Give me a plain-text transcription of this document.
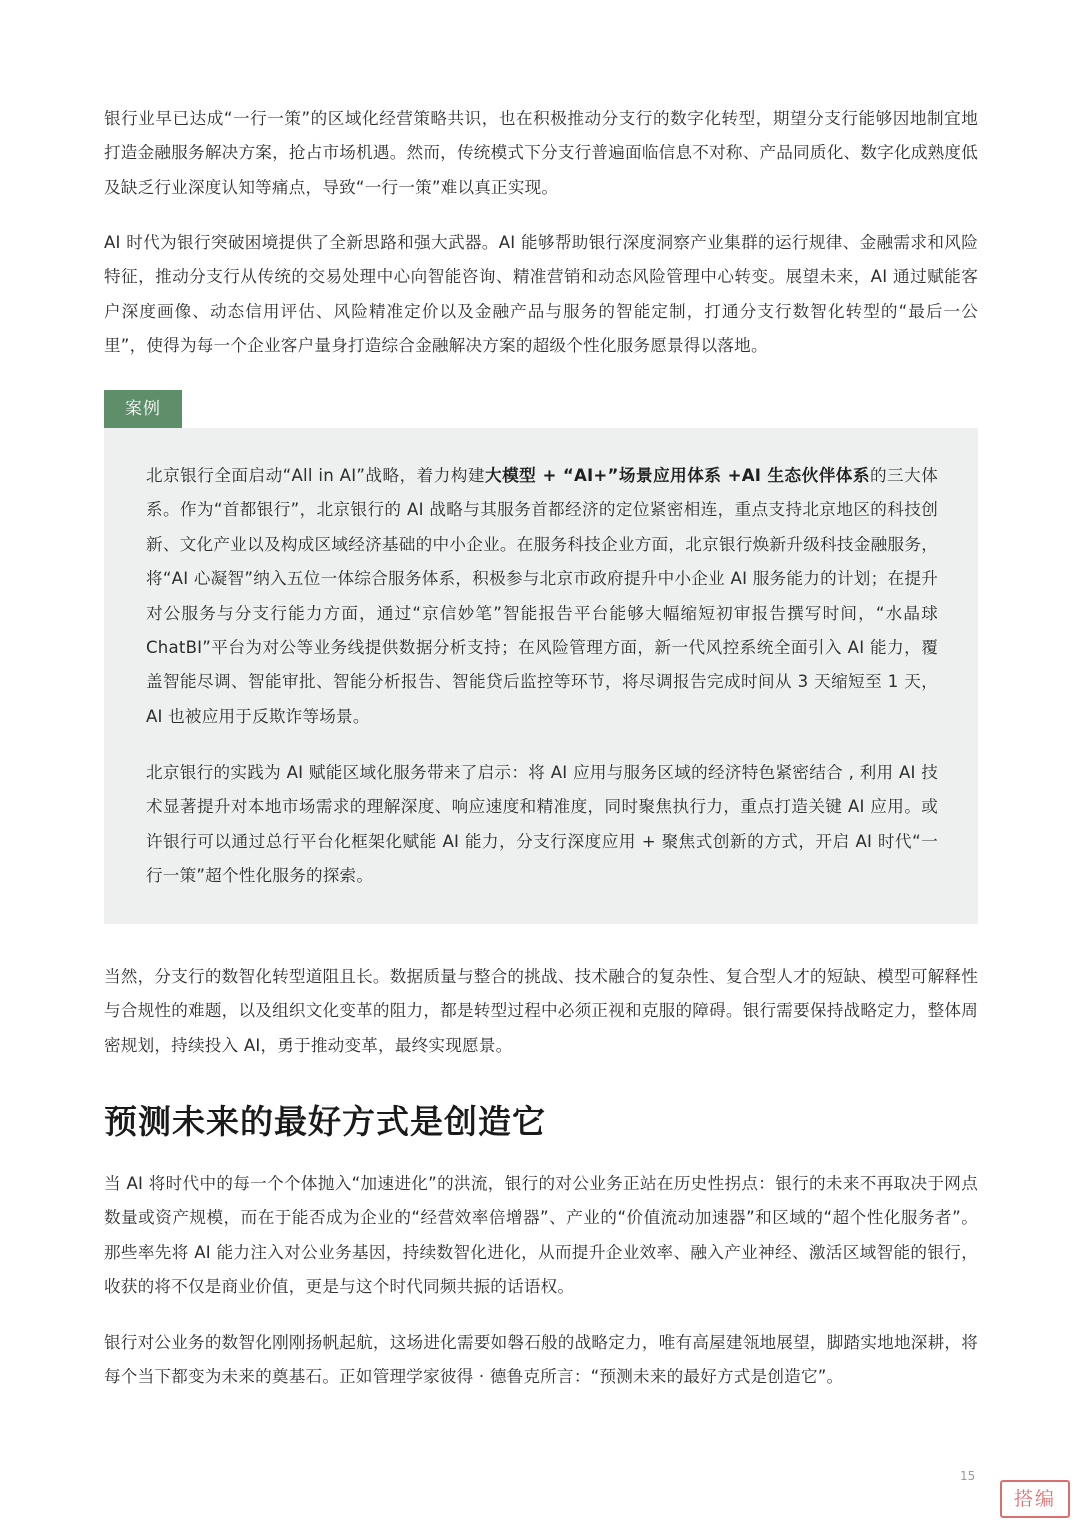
银行业早已达成“一行一策”的区域化经营策略共识，也在积极推动分支行的数字化转型，期望分支行能够因地制宜地打造金融服务解决方案，抢占市场机遇。然而，传统模式下分支行普遍面临信息不对称、产品同质化、数字化成熟度低及缺乏行业深度认知等痛点，导致“一行一策”难以真正实现。

AI 时代为银行突破困境提供了全新思路和强大武器。AI 能够帮助银行深度洞察产业集群的运行规律、金融需求和风险特征，推动分支行从传统的交易处理中心向智能咨询、精准营销和动态风险管理中心转变。展望未来，AI 通过赋能客户深度画像、动态信用评估、风险精准定价以及金融产品与服务的智能定制，打通分支行数智化转型的“最后一公里”，使得为每一个企业客户量身打造综合金融解决方案的超级个性化服务愿景得以落地。

案例

北京银行全面启动“All in AI”战略，着力构建大模型 + “AI+”场景应用体系 +AI 生态伙伴体系的三大体系。作为“首都银行”，北京银行的 AI 战略与其服务首都经济的定位紧密相连，重点支持北京地区的科技创新、文化产业以及构成区域经济基础的中小企业。在服务科技企业方面，北京银行焕新升级科技金融服务，将“AI 心凝智”纳入五位一体综合服务体系，积极参与北京市政府提升中小企业 AI 服务能力的计划；在提升对公服务与分支行能力方面，通过“京信妙笔”智能报告平台能够大幅缩短初审报告撰写时间，“水晶球 ChatBI”平台为对公等业务线提供数据分析支持；在风险管理方面，新一代风控系统全面引入 AI 能力，覆盖智能尽调、智能审批、智能分析报告、智能贷后监控等环节，将尽调报告完成时间从 3 天缩短至 1 天，AI 也被应用于反欺诈等场景。

北京银行的实践为 AI 赋能区域化服务带来了启示：将 AI 应用与服务区域的经济特色紧密结合 , 利用 AI 技术显著提升对本地市场需求的理解深度、响应速度和精准度，同时聚焦执行力，重点打造关键 AI 应用。或许银行可以通过总行平台化框架化赋能 AI 能力，分支行深度应用 + 聚焦式创新的方式，开启 AI 时代“一行一策”超个性化服务的探索。

当然，分支行的数智化转型道阻且长。数据质量与整合的挑战、技术融合的复杂性、复合型人才的短缺、模型可解释性与合规性的难题，以及组织文化变革的阻力，都是转型过程中必须正视和克服的障碍。银行需要保持战略定力，整体周密规划，持续投入 AI，勇于推动变革，最终实现愿景。

预测未来的最好方式是创造它

当 AI 将时代中的每一个个体抛入“加速进化”的洪流，银行的对公业务正站在历史性拐点：银行的未来不再取决于网点数量或资产规模，而在于能否成为企业的“经营效率倍增器”、产业的“价值流动加速器”和区域的“超个性化服务者”。那些率先将 AI 能力注入对公业务基因，持续数智化进化，从而提升企业效率、融入产业神经、激活区域智能的银行，收获的将不仅是商业价值，更是与这个时代同频共振的话语权。

银行对公业务的数智化刚刚扬帆起航，这场进化需要如磐石般的战略定力，唯有高屋建瓴地展望，脚踏实地地深耕，将每个当下都变为未来的奠基石。正如管理学家彼得 · 德鲁克所言：“预测未来的最好方式是创造它”。

15
搭编
